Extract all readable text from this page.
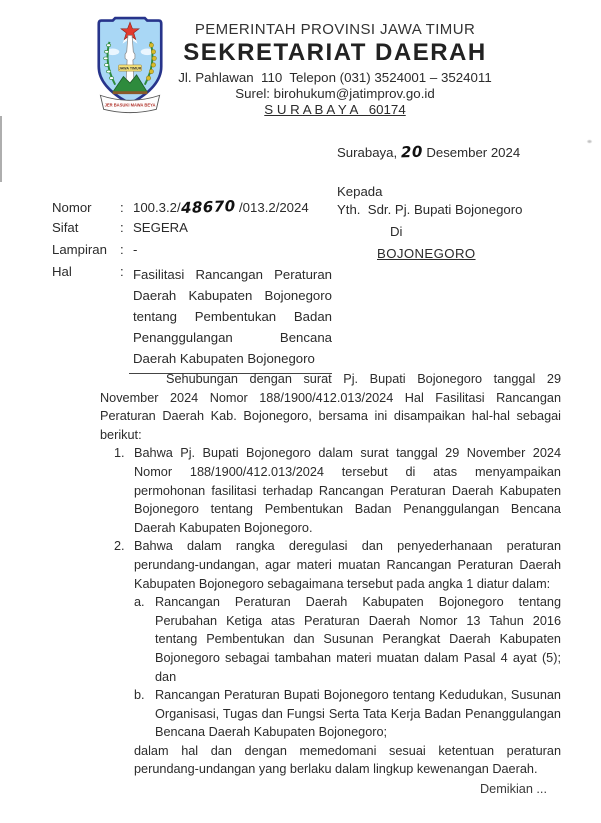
JAWA TIMUR
JER BASUKI MAWA BEYA
PEMERINTAH PROVINSI JAWA TIMUR
SEKRETARIAT DAERAH
Jl. Pahlawan  110  Telepon (031) 3524001 – 3524011
Surel: birohukum@jatimprov.go.id
S U R A B A Y A   60174
Surabaya, 20 Desember 2024
Kepada
Yth.  Sdr. Pj. Bupati Bojonegoro
Di
BOJONEGORO
Nomor : 100.3.2/48670 /013.2/2024
Sifat	: SEGERA
Lampiran : -
Hal	: Fasilitasi Rancangan Peraturan Daerah Kabupaten Bojonegoro tentang Pembentukan Badan Penanggulangan Bencana Daerah Kabupaten Bojonegoro

Sehubungan dengan surat Pj. Bupati Bojonegoro tanggal 29 November 2024 Nomor 188/1900/412.013/2024 Hal Fasilitasi Rancangan Peraturan Daerah Kab. Bojonegoro, bersama ini disampaikan hal-hal sebagai berikut:

1. Bahwa Pj. Bupati Bojonegoro dalam surat tanggal 29 November 2024 Nomor 188/1900/412.013/2024 tersebut di atas menyampaikan permohonan fasilitasi terhadap Rancangan Peraturan Daerah Kabupaten Bojonegoro tentang Pembentukan Badan Penanggulangan Bencana Daerah Kabupaten Bojonegoro.
2. Bahwa dalam rangka deregulasi dan penyederhanaan peraturan perundang-undangan, agar materi muatan Rancangan Peraturan Daerah Kabupaten Bojonegoro sebagaimana tersebut pada angka 1 diatur dalam:
a. Rancangan Peraturan Daerah Kabupaten Bojonegoro tentang Perubahan Ketiga atas Peraturan Daerah Nomor 13 Tahun 2016 tentang Pembentukan dan Susunan Perangkat Daerah Kabupaten Bojonegoro sebagai tambahan materi muatan dalam Pasal 4 ayat (5); dan
b. Rancangan Peraturan Bupati Bojonegoro tentang Kedudukan, Susunan Organisasi, Tugas dan Fungsi Serta Tata Kerja Badan Penanggulangan Bencana Daerah Kabupaten Bojonegoro;
dalam hal dan dengan memedomani sesuai ketentuan peraturan perundang-undangan yang berlaku dalam lingkup kewenangan Daerah.
Demikian ...
